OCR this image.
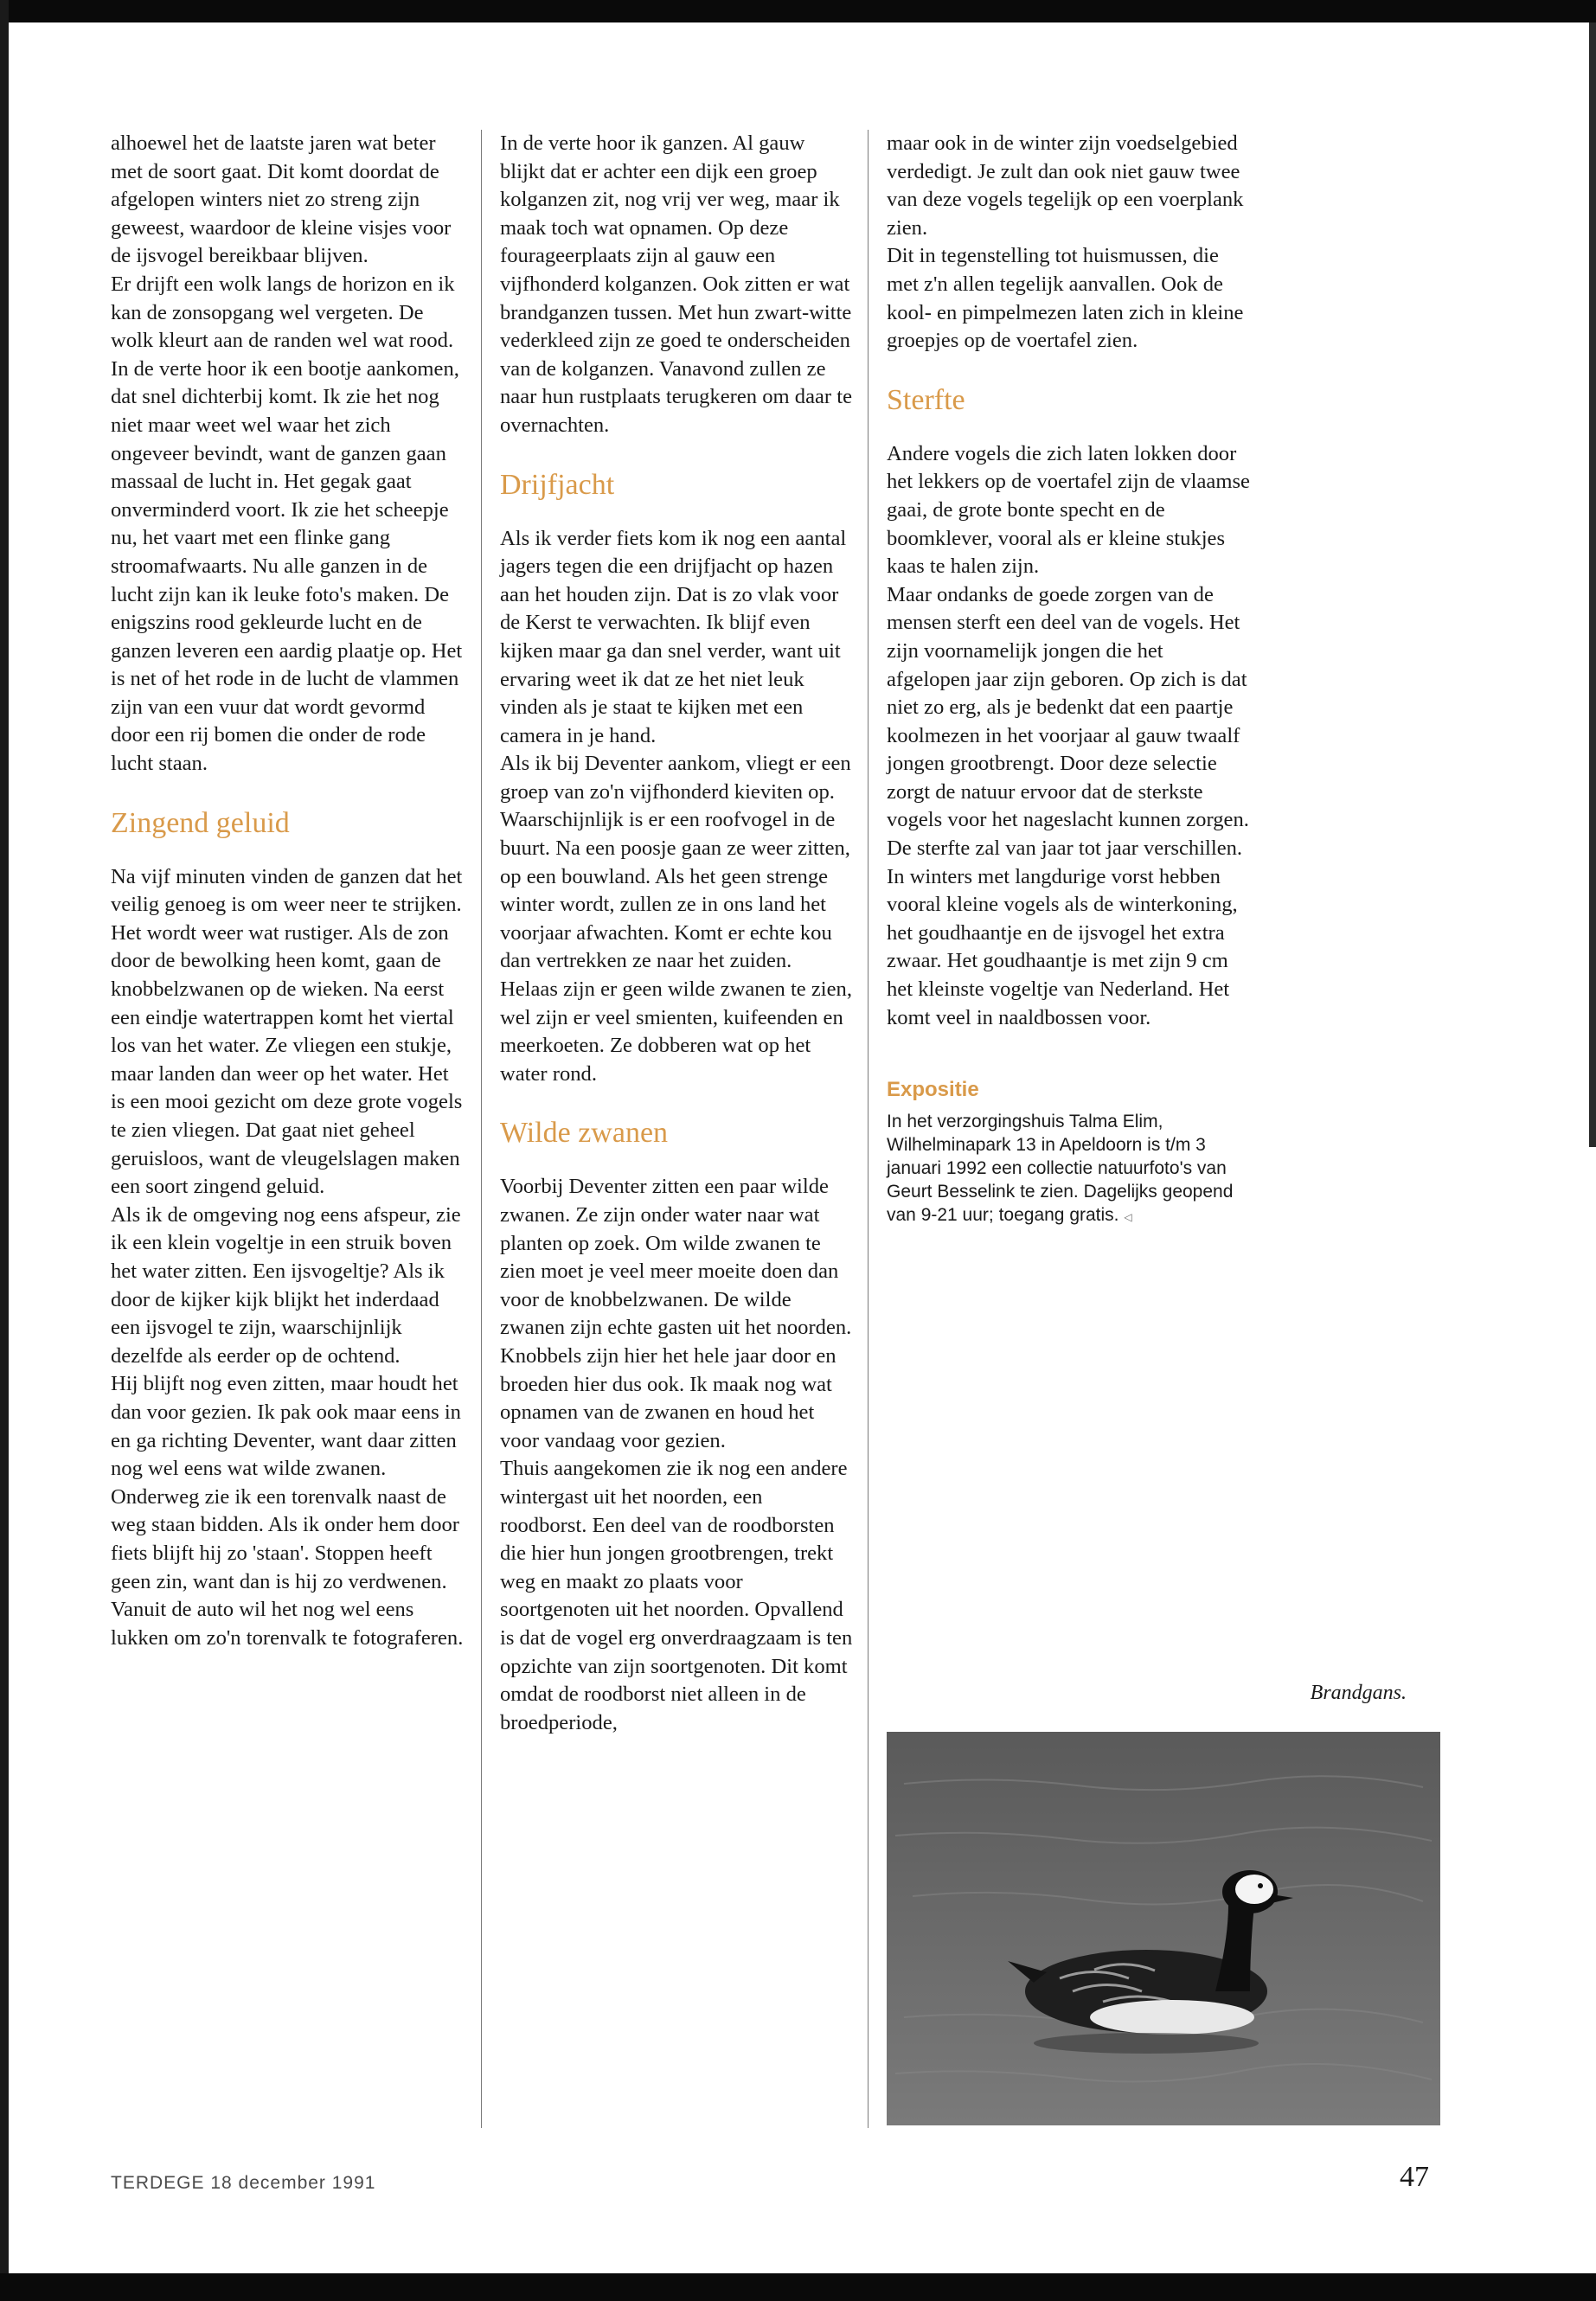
alhoewel het de laatste jaren wat beter met de soort gaat. Dit komt doordat de afgelopen winters niet zo streng zijn geweest, waardoor de kleine visjes voor de ijsvogel bereikbaar blijven.

Er drijft een wolk langs de horizon en ik kan de zonsopgang wel vergeten. De wolk kleurt aan de randen wel wat rood. In de verte hoor ik een bootje aankomen, dat snel dichterbij komt. Ik zie het nog niet maar weet wel waar het zich ongeveer bevindt, want de ganzen gaan massaal de lucht in. Het gegak gaat onverminderd voort. Ik zie het scheepje nu, het vaart met een flinke gang stroomafwaarts. Nu alle ganzen in de lucht zijn kan ik leuke foto's maken. De enigszins rood gekleurde lucht en de ganzen leveren een aardig plaatje op. Het is net of het rode in de lucht de vlammen zijn van een vuur dat wordt gevormd door een rij bomen die onder de rode lucht staan.

Zingend geluid

Na vijf minuten vinden de ganzen dat het veilig genoeg is om weer neer te strijken. Het wordt weer wat rustiger. Als de zon door de bewolking heen komt, gaan de knobbelzwanen op de wieken. Na eerst een eindje watertrappen komt het viertal los van het water. Ze vliegen een stukje, maar landen dan weer op het water. Het is een mooi gezicht om deze grote vogels te zien vliegen. Dat gaat niet geheel geruisloos, want de vleugelslagen maken een soort zingend geluid.

Als ik de omgeving nog eens afspeur, zie ik een klein vogeltje in een struik boven het water zitten. Een ijsvogeltje? Als ik door de kijker kijk blijkt het inderdaad een ijsvogel te zijn, waarschijnlijk dezelfde als eerder op de ochtend.

Hij blijft nog even zitten, maar houdt het dan voor gezien. Ik pak ook maar eens in en ga richting Deventer, want daar zitten nog wel eens wat wilde zwanen.

Onderweg zie ik een torenvalk naast de weg staan bidden. Als ik onder hem door fiets blijft hij zo 'staan'. Stoppen heeft geen zin, want dan is hij zo verdwenen. Vanuit de auto wil het nog wel eens lukken om zo'n torenvalk te fotograferen.

In de verte hoor ik ganzen. Al gauw blijkt dat er achter een dijk een groep kolganzen zit, nog vrij ver weg, maar ik maak toch wat opnamen. Op deze fourageerplaats zijn al gauw een vijfhonderd kolganzen. Ook zitten er wat brandganzen tussen. Met hun zwart-witte vederkleed zijn ze goed te onderscheiden van de kolganzen. Vanavond zullen ze naar hun rustplaats terugkeren om daar te overnachten.

Drijfjacht

Als ik verder fiets kom ik nog een aantal jagers tegen die een drijfjacht op hazen aan het houden zijn. Dat is zo vlak voor de Kerst te verwachten. Ik blijf even kijken maar ga dan snel verder, want uit ervaring weet ik dat ze het niet leuk vinden als je staat te kijken met een camera in je hand.

Als ik bij Deventer aankom, vliegt er een groep van zo'n vijfhonderd kieviten op. Waarschijnlijk is er een roofvogel in de buurt. Na een poosje gaan ze weer zitten, op een bouwland. Als het geen strenge winter wordt, zullen ze in ons land het voorjaar afwachten. Komt er echte kou dan vertrekken ze naar het zuiden.

Helaas zijn er geen wilde zwanen te zien, wel zijn er veel smienten, kuifeenden en meerkoeten. Ze dobberen wat op het water rond.

Wilde zwanen

Voorbij Deventer zitten een paar wilde zwanen. Ze zijn onder water naar wat planten op zoek. Om wilde zwanen te zien moet je veel meer moeite doen dan voor de knobbelzwanen. De wilde zwanen zijn echte gasten uit het noorden. Knobbels zijn hier het hele jaar door en broeden hier dus ook. Ik maak nog wat opnamen van de zwanen en houd het voor vandaag voor gezien.

Thuis aangekomen zie ik nog een andere wintergast uit het noorden, een roodborst. Een deel van de roodborsten die hier hun jongen grootbrengen, trekt weg en maakt zo plaats voor soortgenoten uit het noorden. Opvallend is dat de vogel erg onverdraagzaam is ten opzichte van zijn soortgenoten. Dit komt omdat de roodborst niet alleen in de broedperiode,

maar ook in de winter zijn voedselgebied verdedigt. Je zult dan ook niet gauw twee van deze vogels tegelijk op een voerplank zien.

Dit in tegenstelling tot huismussen, die met z'n allen tegelijk aanvallen. Ook de kool- en pimpelmezen laten zich in kleine groepjes op de voertafel zien.

Sterfte

Andere vogels die zich laten lokken door het lekkers op de voertafel zijn de vlaamse gaai, de grote bonte specht en de boomklever, vooral als er kleine stukjes kaas te halen zijn.

Maar ondanks de goede zorgen van de mensen sterft een deel van de vogels. Het zijn voornamelijk jongen die het afgelopen jaar zijn geboren. Op zich is dat niet zo erg, als je bedenkt dat een paartje koolmezen in het voorjaar al gauw twaalf jongen grootbrengt. Door deze selectie zorgt de natuur ervoor dat de sterkste vogels voor het nageslacht kunnen zorgen.

De sterfte zal van jaar tot jaar verschillen. In winters met langdurige vorst hebben vooral kleine vogels als de winterkoning, het goudhaantje en de ijsvogel het extra zwaar. Het goudhaantje is met zijn 9 cm het kleinste vogeltje van Nederland. Het komt veel in naaldbossen voor.

Expositie
In het verzorgingshuis Talma Elim, Wilhelminapark 13 in Apeldoorn is t/m 3 januari 1992 een collectie natuurfoto's van Geurt Besselink te zien. Dagelijks geopend van 9-21 uur; toegang gratis. ◁
Brandgans.
TERDEGE 18 december 1991	47
